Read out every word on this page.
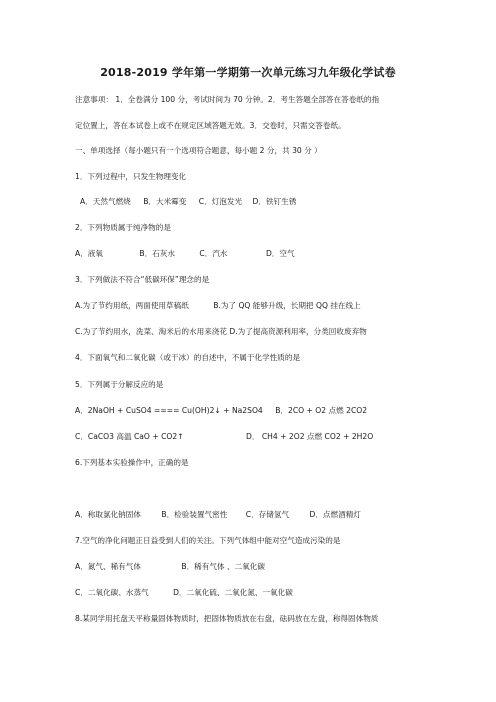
2018-2019 学年第一学期第一次单元练习九年级化学试卷
注意事项： 1．全卷满分 100 分，考试时间为 70 分钟。2．考生答题全部答在答卷纸的指
定位置上，答在本试卷上或不在规定区域答题无效。3．交卷时，只需交答卷纸。
一、单项选择（每小题只有一个选项符合题意，每小题 2 分，共 30 分 ）
1．下列过程中，只发生物理变化
A．天然气燃烧 B．大米霉变 C．灯泡发光 D．铁钉生锈
2．下列物质属于纯净物的是
A．液氧	B．石灰水	C．汽水	D．空气
3．下列做法不符合“低碳环保”理念的是
A.为了节约用纸，两面使用草稿纸	B.为了 QQ 能够升级，长期把 QQ 挂在线上
C.为了节约用水，洗菜、淘米后的水用来浇花 D.为了提高资源利用率，分类回收废弃物
4．下面氧气和二氧化碳（或干冰）的自述中，不属于化学性质的是
5．下列属于分解反应的是
A．2NaOH + CuSO4 ==== Cu(OH)2↓ + Na2SO4 B．2CO + O2 点燃 2CO2
C．CaCO3 高温 CaO + CO2↑	D． CH4 + 2O2 点燃 CO2 + 2H2O
6.下列基本实验操作中，正确的是
A．称取氯化钠固体	B．检验装置气密性 C．存储氢气	D．点燃酒精灯
7.空气的净化问题正日益受到人们的关注。下列气体组中能对空气造成污染的是
A．氮气、稀有气体	B．稀有气体 、二氧化碳
C．二氧化碳、水蒸气	D．二氧化硫、二氧化氮、一氧化碳
8.某同学用托盘天平称量固体物质时，把固体物质放在右盘，砝码放在左盘，称得固体物质
